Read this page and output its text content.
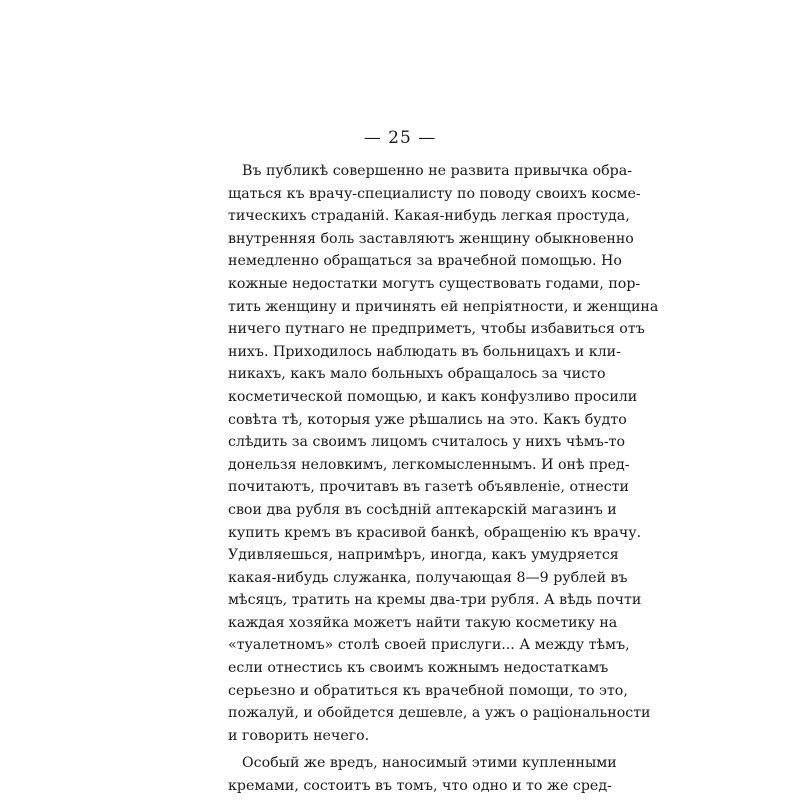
— 25 —
Въ публикѣ совершенно не развита привычка обра-
щаться къ врачу-специалисту по поводу своихъ космe-
тическихъ страданій. Какая-нибудь легкая простуда,
внутренняя боль заставляютъ женщину обыкновенно
немедленно обращаться за врачебной помощью. Но
кожные недостатки могутъ существовать годами, пор-
тить женщину и причинять ей непріятности, и женщина
ничего путнаго не предприметъ, чтобы избавиться отъ
нихъ. Приходилось наблюдать въ больницахъ и кли-
никахъ, какъ мало больныхъ обращалось за чисто
косметической помощью, и какъ конфузливо просили
совѣта тѣ, которыя уже рѣшались на это. Какъ будто
слѣдить за своимъ лицомъ считалось у нихъ чѣмъ-то
донельзя неловкимъ, легкомысленнымъ. И онѣ пред-
почитаютъ, прочитавъ въ газетѣ объявленіе, отнести
свои два рубля въ сосѣдній аптекарскій магазинъ и
купить кремъ въ красивой банкѣ, обращенію къ врачу.
Удивляешься, напримѣръ, иногда, какъ умудряется
какая-нибудь служанка, получающая 8—9 рублей въ
мѣсяцъ, тратить на кремы два-три рубля. А вѣдь почти
каждая хозяйка можетъ найти такую косметику на
«туалетномъ» столѣ своей прислуги... А между тѣмъ,
если отнестись къ своимъ кожнымъ недостаткамъ
серьезно и обратиться къ врачебной помощи, то это,
пожалуй, и обойдется дешевле, а ужъ о раціональности
и говорить нечего.
Особый же вредъ, наносимый этими купленными
кремами, состоитъ въ томъ, что одно и то же сред-
